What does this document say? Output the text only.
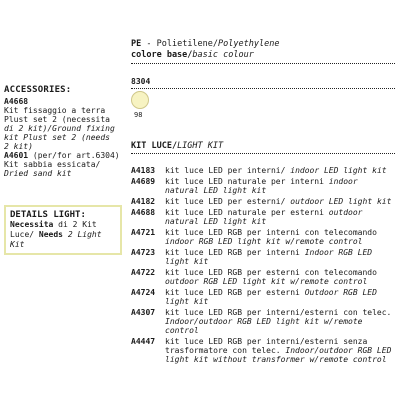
PE - Polietilene/Polyethylene
colore base/basic colour
8304
98
KIT LUCE/LIGHT KIT
A4183	kit luce LED per interni/ indoor LED light kit
A4689	kit luce LED naturale per interni indoor natural LED light kit
A4182	kit luce LED per esterni/ outdoor LED light kit
A4688	kit luce LED naturale per esterni outdoor natural LED light kit
A4721	kit luce LED RGB per interni con telecomando indoor RGB LED light kit w/remote control
A4723	kit luce LED RGB per interni Indoor RGB LED light kit
A4722	kit luce LED RGB per esterni con telecomando outdoor RGB LED light kit w/remote control
A4724	kit luce LED RGB per esterni Outdoor RGB LED light kit
A4307	kit luce LED RGB per interni/esterni con telec. Indoor/outdoor RGB LED light kit w/remote control
A4447	kit luce LED RGB per interni/esterni senza trasformatore con telec. Indoor/outdoor RGB LED light kit without transformer w/remote control
ACCESSORIES:
A4668
Kit fissaggio a terra
Plust set 2 (necessita
di 2 kit)/Ground fixing
kit Plust set 2 (needs
2 kit)
A4601 (per/for art.6304)
Kit sabbia essicata/
Dried sand kit
DETAILS LIGHT:
Necessita di 2 Kit
Luce/ Needs 2 Light
Kit
